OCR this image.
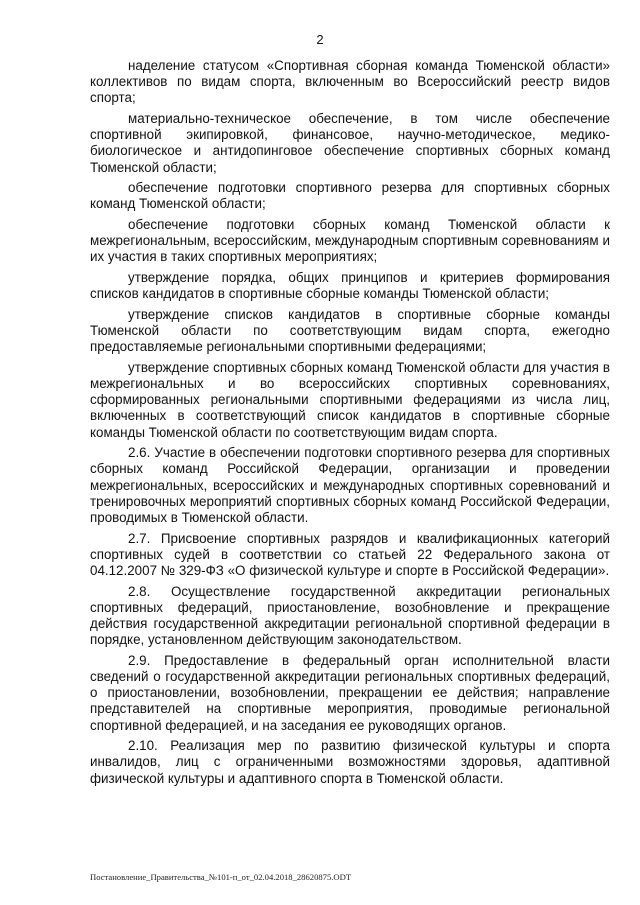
2

наделение статусом «Спортивная сборная команда Тюменской области» коллективов по видам спорта, включенным во Всероссийский реестр видов спорта;

материально-техническое обеспечение, в том числе обеспечение спортивной экипировкой, финансовое, научно-методическое, медико-биологическое и антидопинговое обеспечение спортивных сборных команд Тюменской области;

обеспечение подготовки спортивного резерва для спортивных сборных команд Тюменской области;

обеспечение подготовки сборных команд Тюменской области к межрегиональным, всероссийским, международным спортивным соревнованиям и их участия в таких спортивных мероприятиях;

утверждение порядка, общих принципов и критериев формирования списков кандидатов в спортивные сборные команды Тюменской области;

утверждение списков кандидатов в спортивные сборные команды Тюменской области по соответствующим видам спорта, ежегодно предоставляемые региональными спортивными федерациями;

утверждение спортивных сборных команд Тюменской области для участия в межрегиональных и во всероссийских спортивных соревнованиях, сформированных региональными спортивными федерациями из числа лиц, включенных в соответствующий список кандидатов в спортивные сборные команды Тюменской области по соответствующим видам спорта.

2.6. Участие в обеспечении подготовки спортивного резерва для спортивных сборных команд Российской Федерации, организации и проведении межрегиональных, всероссийских и международных спортивных соревнований и тренировочных мероприятий спортивных сборных команд Российской Федерации, проводимых в Тюменской области.

2.7. Присвоение спортивных разрядов и квалификационных категорий спортивных судей в соответствии со статьей 22 Федерального закона от 04.12.2007 № 329-ФЗ «О физической культуре и спорте в Российской Федерации».

2.8. Осуществление государственной аккредитации региональных спортивных федераций, приостановление, возобновление и прекращение действия государственной аккредитации региональной спортивной федерации в порядке, установленном действующим законодательством.

2.9. Предоставление в федеральный орган исполнительной власти сведений о государственной аккредитации региональных спортивных федераций, о приостановлении, возобновлении, прекращении ее действия; направление представителей на спортивные мероприятия, проводимые региональной спортивной федерацией, и на заседания ее руководящих органов.

2.10. Реализация мер по развитию физической культуры и спорта инвалидов, лиц с ограниченными возможностями здоровья, адаптивной физической культуры и адаптивного спорта в Тюменской области.

Постановление_Правительства_№101-п_от_02.04.2018_28620875.ODT
